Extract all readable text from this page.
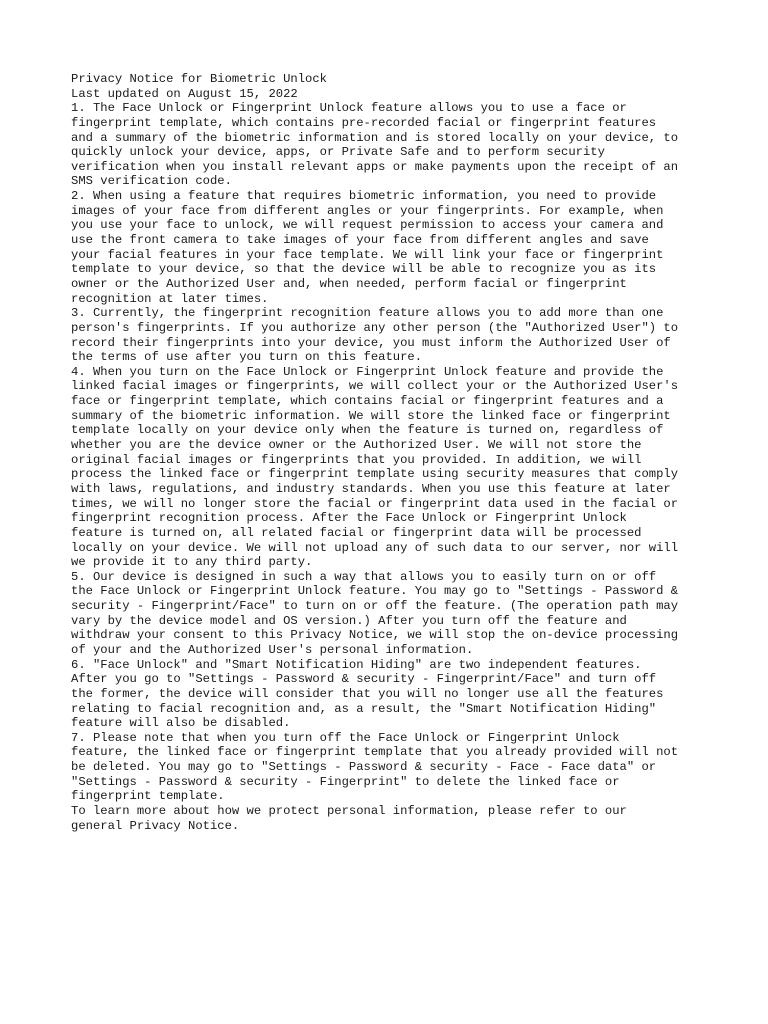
Privacy Notice for Biometric Unlock
Last updated on August 15, 2022
1. The Face Unlock or Fingerprint Unlock feature allows you to use a face or
fingerprint template, which contains pre-recorded facial or fingerprint features
and a summary of the biometric information and is stored locally on your device, to
quickly unlock your device, apps, or Private Safe and to perform security
verification when you install relevant apps or make payments upon the receipt of an
SMS verification code.
2. When using a feature that requires biometric information, you need to provide
images of your face from different angles or your fingerprints. For example, when
you use your face to unlock, we will request permission to access your camera and
use the front camera to take images of your face from different angles and save
your facial features in your face template. We will link your face or fingerprint
template to your device, so that the device will be able to recognize you as its
owner or the Authorized User and, when needed, perform facial or fingerprint
recognition at later times.
3. Currently, the fingerprint recognition feature allows you to add more than one
person's fingerprints. If you authorize any other person (the "Authorized User") to
record their fingerprints into your device, you must inform the Authorized User of
the terms of use after you turn on this feature.
4. When you turn on the Face Unlock or Fingerprint Unlock feature and provide the
linked facial images or fingerprints, we will collect your or the Authorized User's
face or fingerprint template, which contains facial or fingerprint features and a
summary of the biometric information. We will store the linked face or fingerprint
template locally on your device only when the feature is turned on, regardless of
whether you are the device owner or the Authorized User. We will not store the
original facial images or fingerprints that you provided. In addition, we will
process the linked face or fingerprint template using security measures that comply
with laws, regulations, and industry standards. When you use this feature at later
times, we will no longer store the facial or fingerprint data used in the facial or
fingerprint recognition process. After the Face Unlock or Fingerprint Unlock
feature is turned on, all related facial or fingerprint data will be processed
locally on your device. We will not upload any of such data to our server, nor will
we provide it to any third party.
5. Our device is designed in such a way that allows you to easily turn on or off
the Face Unlock or Fingerprint Unlock feature. You may go to "Settings - Password &
security - Fingerprint/Face" to turn on or off the feature. (The operation path may
vary by the device model and OS version.) After you turn off the feature and
withdraw your consent to this Privacy Notice, we will stop the on-device processing
of your and the Authorized User's personal information.
6. "Face Unlock" and "Smart Notification Hiding" are two independent features.
After you go to "Settings - Password & security - Fingerprint/Face" and turn off
the former, the device will consider that you will no longer use all the features
relating to facial recognition and, as a result, the "Smart Notification Hiding"
feature will also be disabled.
7. Please note that when you turn off the Face Unlock or Fingerprint Unlock
feature, the linked face or fingerprint template that you already provided will not
be deleted. You may go to "Settings - Password & security - Face - Face data" or
"Settings - Password & security - Fingerprint" to delete the linked face or
fingerprint template.
To learn more about how we protect personal information, please refer to our
general Privacy Notice.
